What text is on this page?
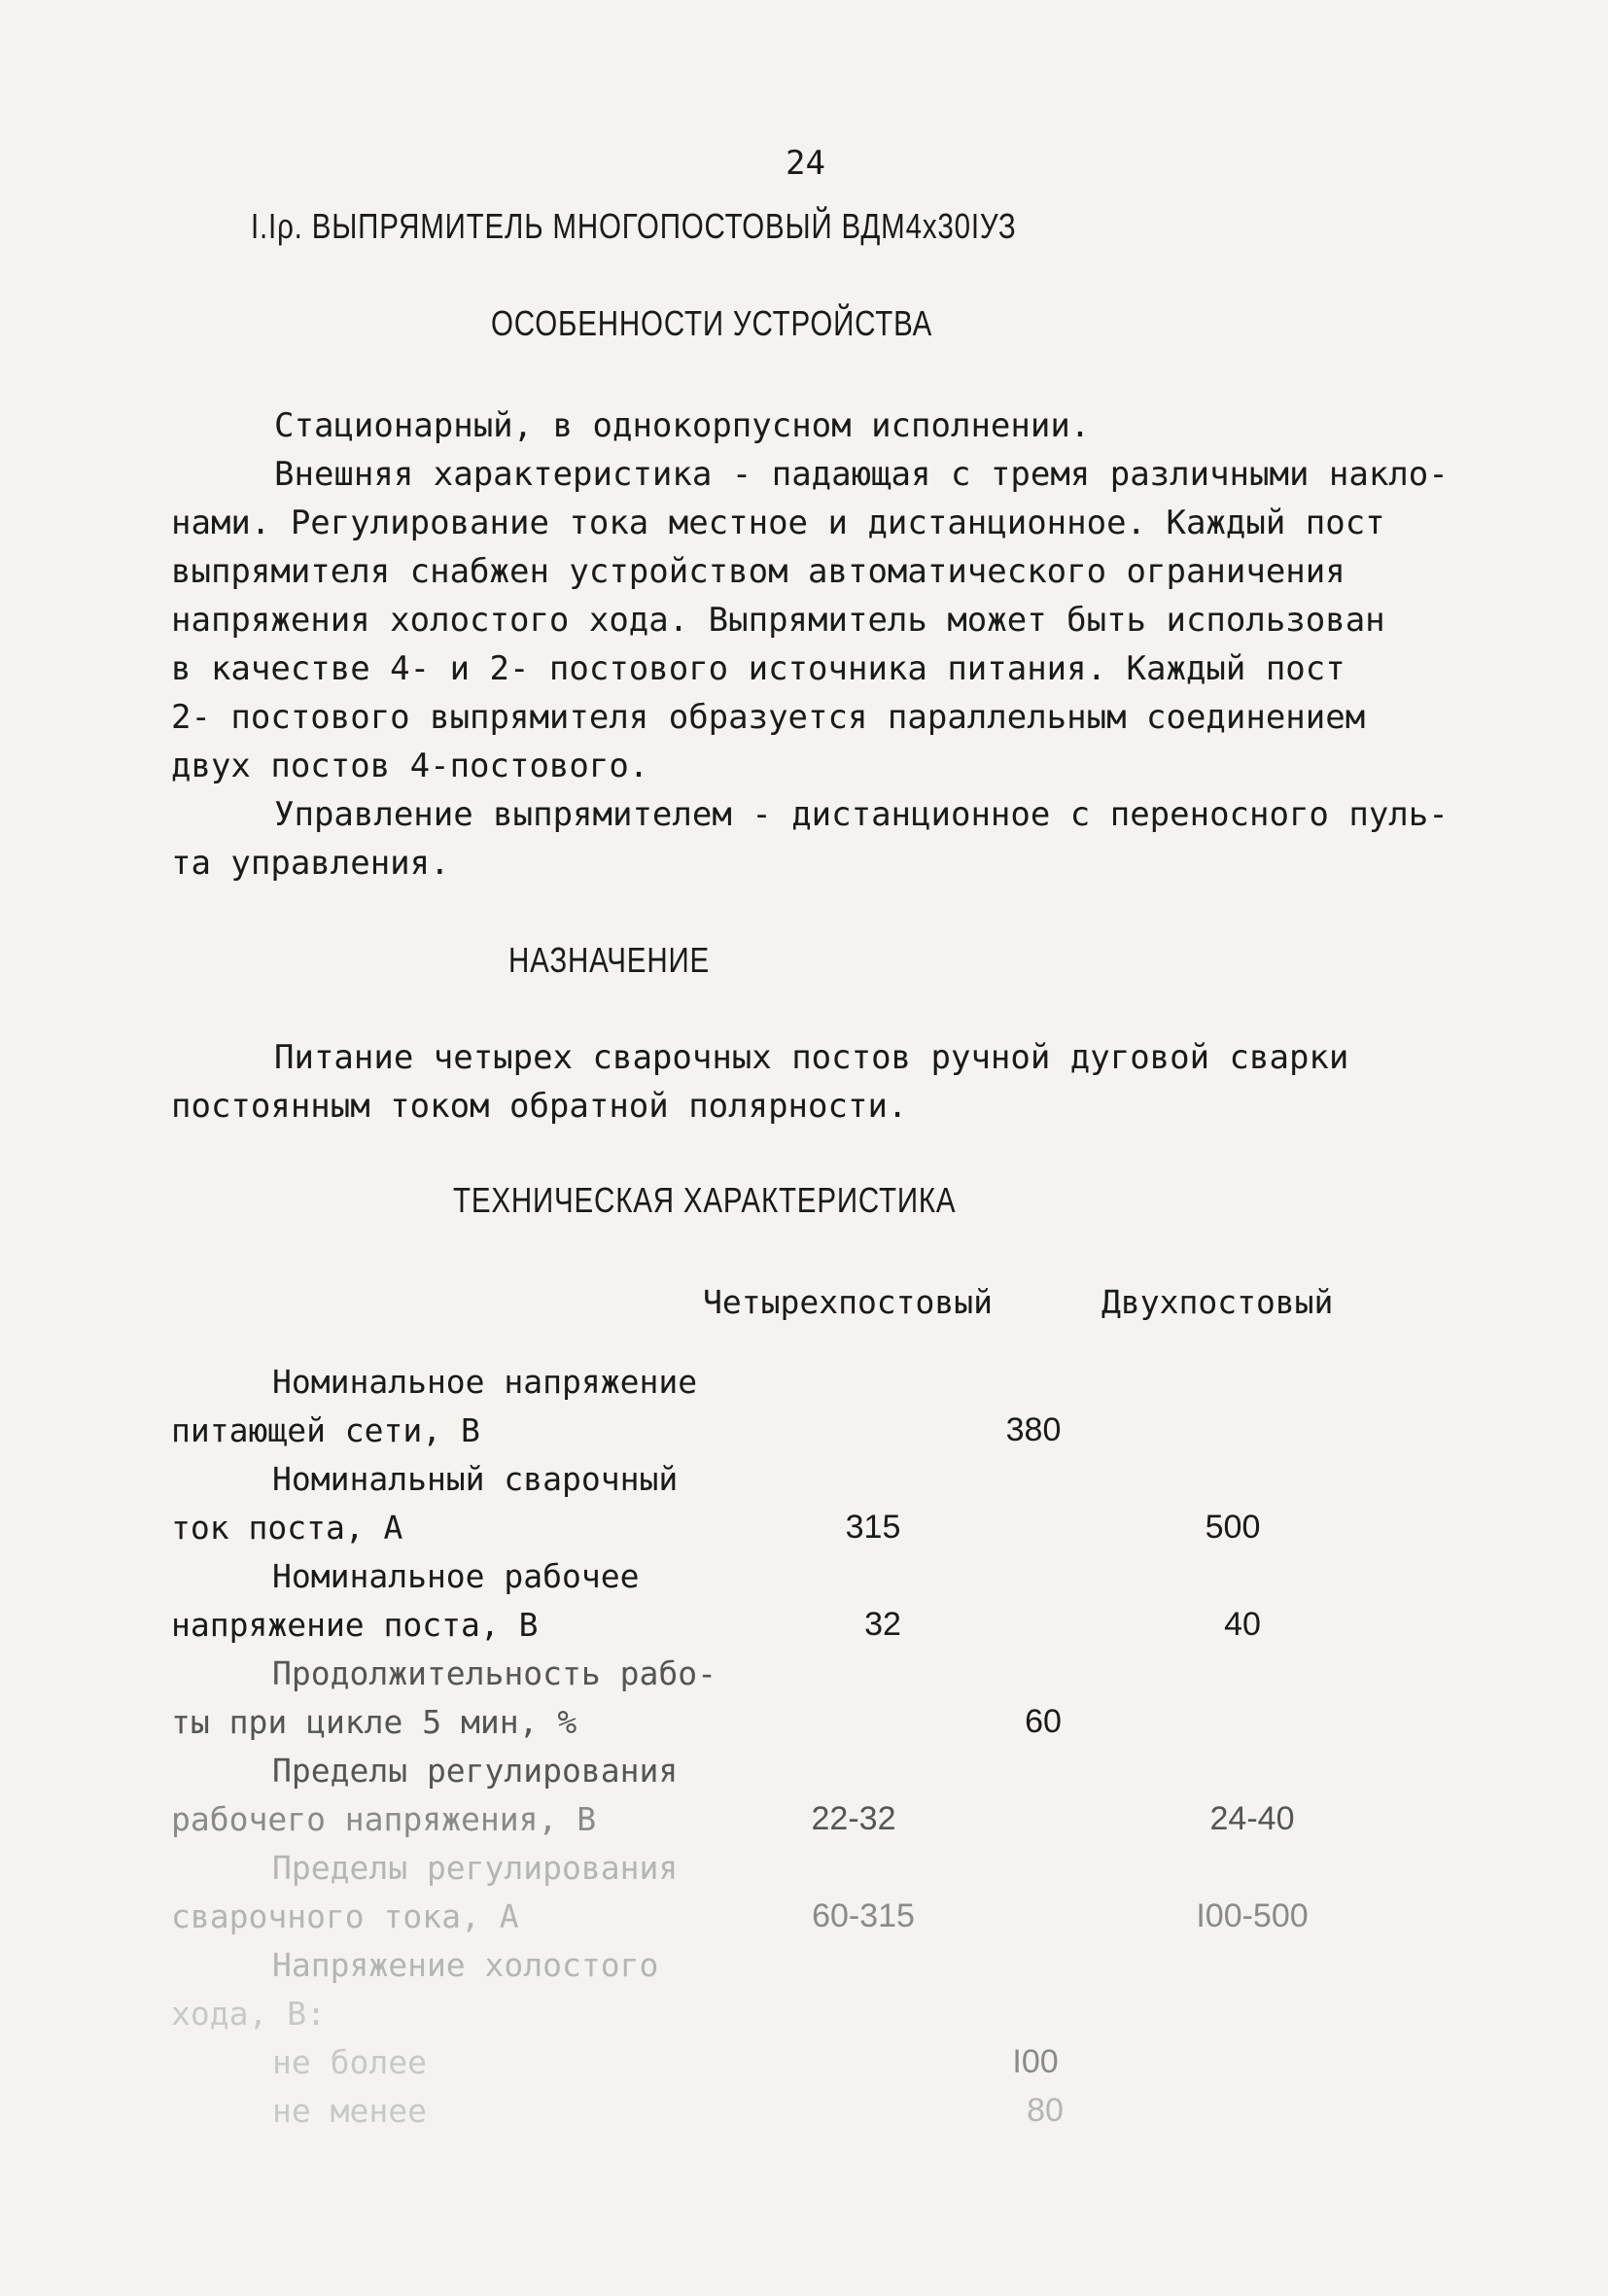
24
I.Iρ. ВЫПРЯМИТЕЛЬ МНОГОПОСТОВЫЙ ВДМ4х30IУЗ
ОСОБЕННОСТИ УСТРОЙСТВА
Стационарный, в однокорпусном исполнении.
Внешняя характеристика - падающая с тремя различными накло-
нами. Регулирование тока местное и дистанционное. Каждый пост
выпрямителя снабжен устройством автоматического ограничения
напряжения холостого хода. Выпрямитель может быть использован
в качестве 4- и 2- постового источника питания. Каждый пост
2- постового выпрямителя образуется параллельным соединением
двух постов 4-постового.
Управление выпрямителем - дистанционное с переносного пуль-
та управления.
НАЗНАЧЕНИЕ
Питание четырех сварочных постов ручной дуговой сварки
постоянным током обратной полярности.
ТЕХНИЧЕСКАЯ ХАРАКТЕРИСТИКА
Четырехпостовый	Двухпостовый
Номинальное напряжение
питающей сети, В	380
Номинальный сварочный
ток поста, А	315	500
Номинальное рабочее
напряжение поста, В	32	40
Продолжительность рабо-
ты при цикле 5 мин, %	60
Пределы регулирования
рабочего напряжения, В	22-32	24-40
Пределы регулирования
сварочного тока, А	60-315	I00-500
Напряжение холостого
хода, В:
не более	I00
не менее	80
